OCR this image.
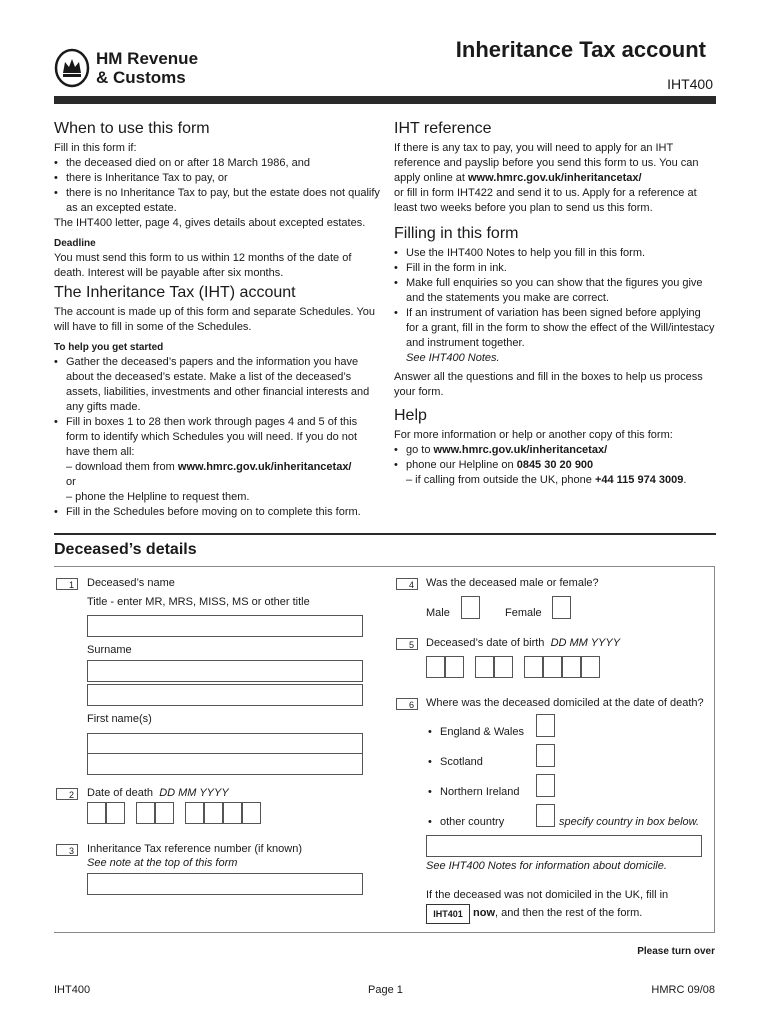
HM Revenue
& Customs
Inheritance Tax account
IHT400
When to use this form
Fill in this form if:
• the deceased died on or after 18 March 1986, and
• there is Inheritance Tax to pay, or
• there is no Inheritance Tax to pay, but the estate does not qualify as an excepted estate.
The IHT400 letter, page 4, gives details about excepted estates.
Deadline
You must send this form to us within 12 months of the date of death. Interest will be payable after six months.
The Inheritance Tax (IHT) account
The account is made up of this form and separate Schedules. You will have to fill in some of the Schedules.
To help you get started
• Gather the deceased’s papers and the information you have about the deceased’s estate. Make a list of the deceased’s assets, liabilities, investments and other financial interests and any gifts made.
• Fill in boxes 1 to 28 then work through pages 4 and 5 of this form to identify which Schedules you will need. If you do not have them all:
– download them from www.hmrc.gov.uk/inheritancetax/
or
– phone the Helpline to request them.
• Fill in the Schedules before moving on to complete this form.
IHT reference
If there is any tax to pay, you will need to apply for an IHT reference and payslip before you send this form to us. You can apply online at www.hmrc.gov.uk/inheritancetax/
or fill in form IHT422 and send it to us. Apply for a reference at least two weeks before you plan to send us this form.
Filling in this form
• Use the IHT400 Notes to help you fill in this form.
• Fill in the form in ink.
• Make full enquiries so you can show that the figures you give and the statements you make are correct.
• If an instrument of variation has been signed before applying for a grant, fill in the form to show the effect of the Will/intestacy and instrument together.
See IHT400 Notes.
Answer all the questions and fill in the boxes to help us process your form.
Help
For more information or help or another copy of this form:
• go to www.hmrc.gov.uk/inheritancetax/
• phone our Helpline on 0845 30 20 900
– if calling from outside the UK, phone +44 115 974 3009.
Deceased’s details
1	Deceased’s name
Title - enter MR, MRS, MISS, MS or other title
Surname
First name(s)
2	Date of death DD MM YYYY
3	Inheritance Tax reference number (if known)
See note at the top of this form
4	Was the deceased male or female?
Male	Female
5	Deceased’s date of birth DD MM YYYY
6	Where was the deceased domiciled at the date of death?
• England & Wales
• Scotland
• Northern Ireland
• other country	specify country in box below.
See IHT400 Notes for information about domicile.
If the deceased was not domiciled in the UK, fill in
IHT401 now, and then the rest of the form.
Please turn over
IHT400	Page 1	HMRC 09/08
